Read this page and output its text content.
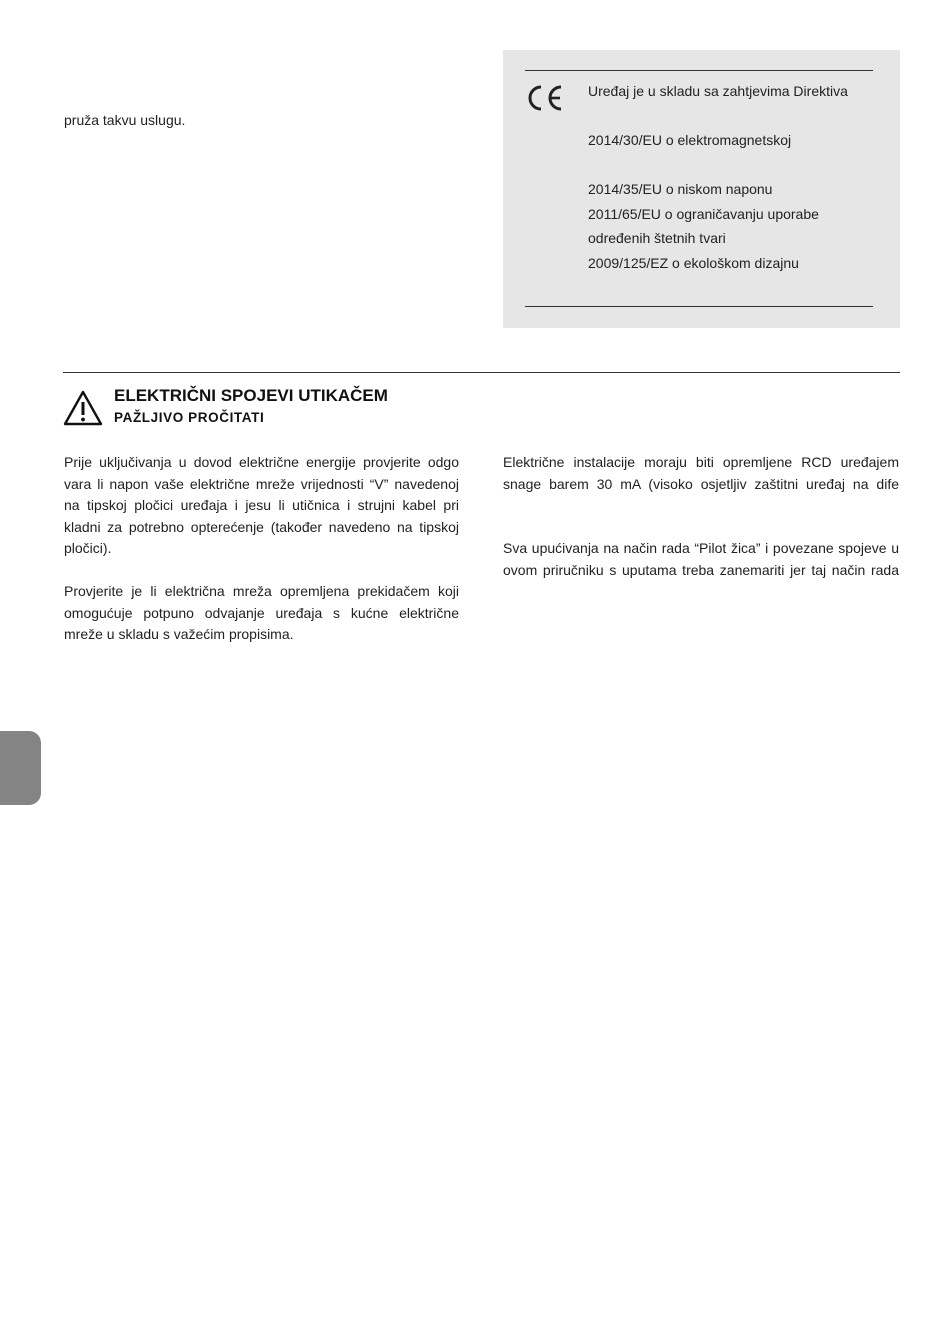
pruža takvu uslugu.
Uređaj je u skladu sa zahtjevima Direktiva
2014/30/EU o elektromagnetskoj
2014/35/EU o niskom naponu
2011/65/EU o ograničavanju uporabe
određenih štetnih tvari
2009/125/EZ o ekološkom dizajnu
ELEKTRIČNI SPOJEVI UTIKAČEM
PAŽLJIVO PROČITATI
Prije uključivanja u dovod električne energije provjerite odgo
vara li napon vaše električne mreže vrijednosti “V” navedenoj
na tipskoj pločici uređaja i jesu li utičnica i strujni kabel pri
kladni za potrebno opterećenje (također navedeno na tipskoj
pločici).
Provjerite je li električna mreža opremljena prekidačem koji
omogućuje potpuno odvajanje uređaja s kućne električne
mreže u skladu s važećim propisima.
Električne instalacije moraju biti opremljene RCD uređajem
snage barem 30 mA (visoko osjetljiv zaštitni uređaj na dife
Sva upućivanja na način rada “Pilot žica” i povezane spojeve u
ovom priručniku s uputama treba zanemariti jer taj način rada
